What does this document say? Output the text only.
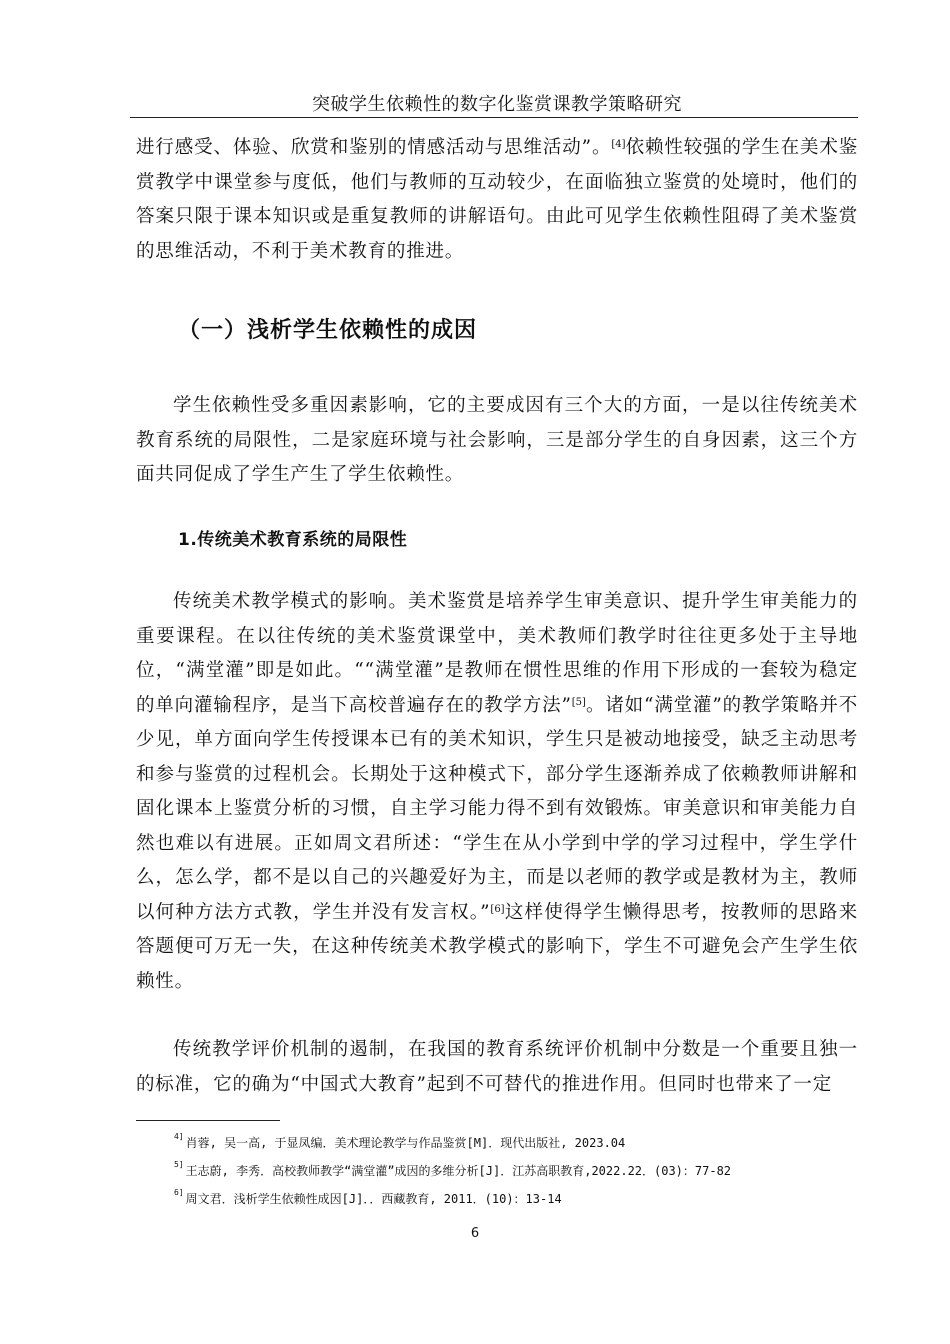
突破学生依赖性的数字化鉴赏课教学策略研究

进行感受、体验、欣赏和鉴别的情感活动与思维活动”。[4]依赖性较强的学生在美术鉴赏教学中课堂参与度低，他们与教师的互动较少，在面临独立鉴赏的处境时，他们的答案只限于课本知识或是重复教师的讲解语句。由此可见学生依赖性阻碍了美术鉴赏的思维活动，不利于美术教育的推进。

（一）浅析学生依赖性的成因

学生依赖性受多重因素影响，它的主要成因有三个大的方面，一是以往传统美术教育系统的局限性，二是家庭环境与社会影响，三是部分学生的自身因素，这三个方面共同促成了学生产生了学生依赖性。

1.传统美术教育系统的局限性

传统美术教学模式的影响。美术鉴赏是培养学生审美意识、提升学生审美能力的重要课程。在以往传统的美术鉴赏课堂中，美术教师们教学时往往更多处于主导地位，“满堂灌”即是如此。““满堂灌”是教师在惯性思维的作用下形成的一套较为稳定的单向灌输程序，是当下高校普遍存在的教学方法”[5]。诸如“满堂灌”的教学策略并不少见，单方面向学生传授课本已有的美术知识，学生只是被动地接受，缺乏主动思考和参与鉴赏的过程机会。长期处于这种模式下，部分学生逐渐养成了依赖教师讲解和固化课本上鉴赏分析的习惯，自主学习能力得不到有效锻炼。审美意识和审美能力自然也难以有进展。正如周文君所述：“学生在从小学到中学的学习过程中，学生学什么，怎么学，都不是以自己的兴趣爱好为主，而是以老师的教学或是教材为主，教师以何种方法方式教，学生并没有发言权。”[6]这样使得学生懒得思考，按教师的思路来答题便可万无一失，在这种传统美术教学模式的影响下，学生不可避免会产生学生依赖性。

传统教学评价机制的遏制，在我国的教育系统评价机制中分数是一个重要且独一的标准，它的确为“中国式大教育”起到不可替代的推进作用。但同时也带来了一定

$^{4]}$ 肖蓉, 吴一高, 于显凤编．美术理论教学与作品鉴赏[M]．现代出版社, 2023.04
$^{5]}$ 王志蔚, 李秀．高校教师教学“满堂灌”成因的多维分析[J]．江苏高职教育,2022.22．(03)：77-82
$^{6]}$ 周文君．浅析学生依赖性成因[J]．．西藏教育, 2011．(10)：13-14
6
